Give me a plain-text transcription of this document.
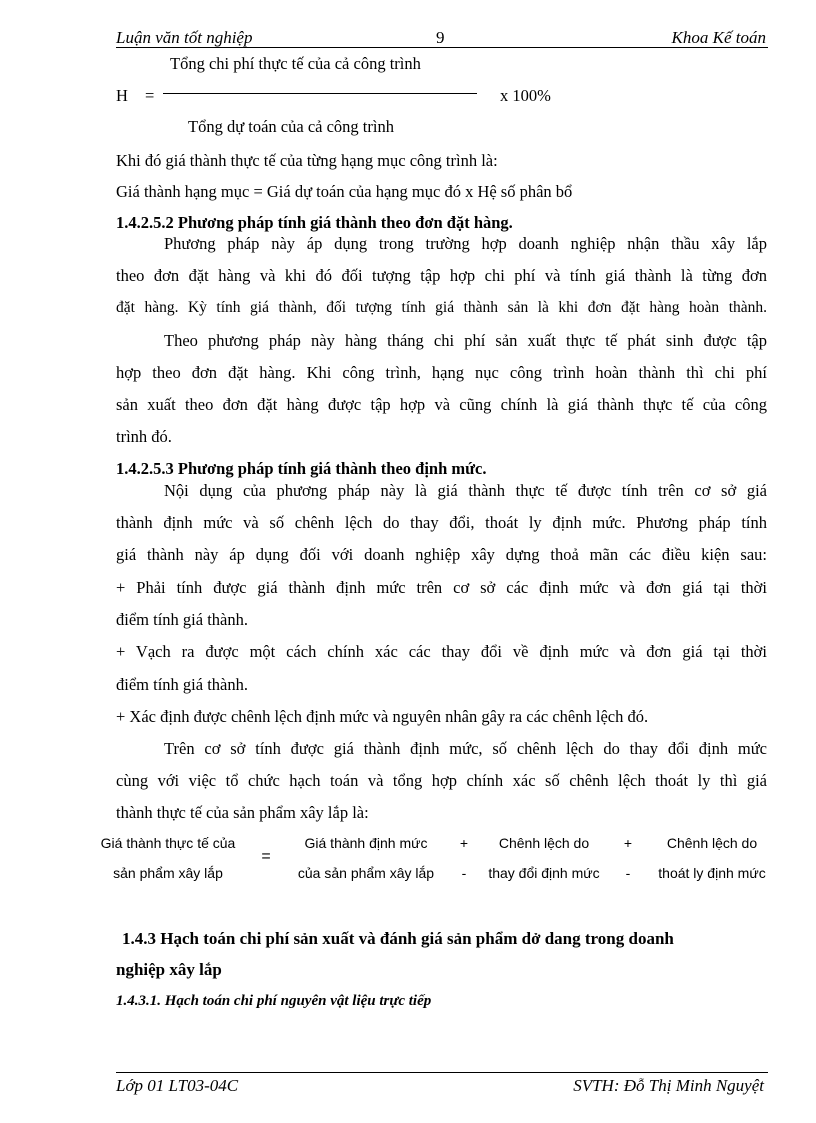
Luận văn tốt nghiệp	9	Khoa Kế toán
Tổng chi phí thực tế của cả công trình
H =	x 100%
Tổng dự toán của cả công trình
Khi đó giá thành thực tế của từng hạng mục công trình là:
Giá thành hạng mục = Giá dự toán của hạng mục đó x Hệ số phân bổ
1.4.2.5.2 Phương pháp tính giá thành theo đơn đặt hàng.
Phương pháp này áp dụng trong trường hợp doanh nghiệp nhận thầu xây lắp
theo đơn đặt hàng và khi đó đối tượng tập hợp chi phí và tính giá thành là từng đơn
đặt hàng. Kỳ tính giá thành, đối tượng tính giá thành sản là khi đơn đặt hàng hoàn thành.
Theo phương pháp này hàng tháng chi phí sản xuất thực tế phát sinh được tập
hợp theo đơn đặt hàng. Khi công trình, hạng nục công trình hoàn thành thì chi phí
sản xuất theo đơn đặt hàng được tập hợp và cũng chính là giá thành thực tế của công
trình đó.
1.4.2.5.3 Phương pháp tính giá thành theo định mức.
Nội dụng của phương pháp này là giá thành thực tế được tính trên cơ sở giá
thành định mức và số chênh lệch do thay đổi, thoát ly định mức. Phương pháp tính
giá thành này áp dụng đối với doanh nghiệp xây dựng thoả mãn các điều kiện sau:
+ Phải tính được giá thành định mức trên cơ sở các định mức và đơn giá tại thời
điểm tính giá thành.
+ Vạch ra được một cách chính xác các thay đổi về định mức và đơn giá tại thời
điểm tính giá thành.
+ Xác định được chênh lệch định mức và nguyên nhân gây ra các chênh lệch đó.
Trên cơ sở tính được giá thành định mức, số chênh lệch do thay đổi định mức
cùng với việc tổ chức hạch toán và tổng hợp chính xác số chênh lệch thoát ly thì giá
thành thực tế của sản phẩm xây lắp là:
Giá thành thực tế của
sản phẩm xây lắp
=
Giá thành định mức
của sản phẩm xây lắp
+
-
Chênh lệch do
thay đổi định mức
+
-
Chênh lệch do
thoát ly định mức
1.4.3 Hạch toán chi phí sản xuất và đánh giá sản phẩm dở dang trong doanh
nghiệp xây lắp
1.4.3.1. Hạch toán chi phí nguyên vật liệu trực tiếp
Lớp 01 LT03-04C	SVTH: Đỗ Thị Minh Nguyệt
